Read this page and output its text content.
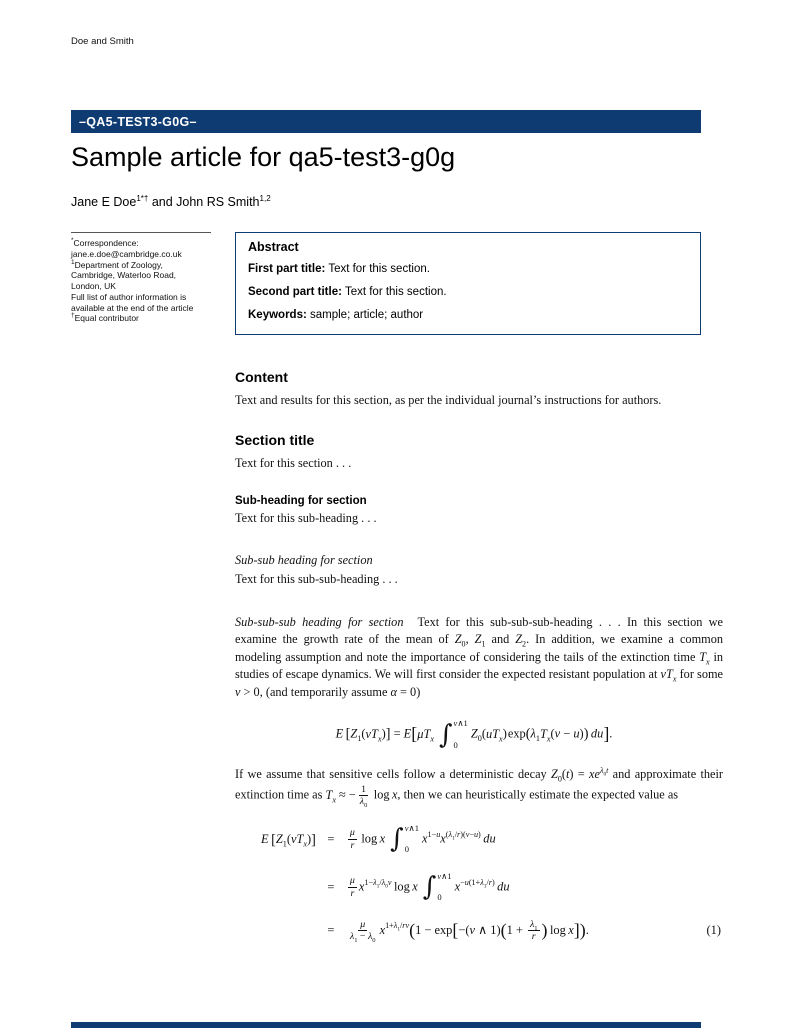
Doe and Smith
–QA5-TEST3-G0G–
Sample article for qa5-test3-g0g
Jane E Doe$^{1*\dagger}$ and John RS Smith$^{1,2}$

*Correspondence:
jane.e.doe@cambridge.co.uk

$^1$Department of Zoology,
Cambridge, Waterloo Road,
London, UK

Full list of author information is
available at the end of the article

†Equal contributor

Abstract

First part title: Text for this section.

Second part title: Text for this section.

Keywords: sample; article; author

Content

Text and results for this section, as per the individual journal’s instructions for authors.

Section title

Text for this section . . .

Sub-heading for section

Text for this sub-heading . . .

Sub-sub heading for section

Text for this sub-sub-heading . . .

Sub-sub-sub heading for section Text for this sub-sub-sub-heading . . . In this section we examine the growth rate of the mean of $Z_0$, $Z_1$ and $Z_2$. In addition, we examine a common modeling assumption and note the importance of considering the tails of the extinction time $T_x$ in studies of escape dynamics. We will first consider the expected resistant population at $vT_x$ for some v > 0, (and temporarily assume α = 0)

E  $[Z_1(vT_x)] = E[\mu T_x$ ∫ v∧1
0
$Z_0(uT_x)$ $\exp(\lambda_1T_x(v - u))$  du].

If we assume that sensitive cells follow a deterministic decay $Z_0(t) = xe^{\lambda_0t}$ and approximate their extinction time as $T_x$ ≈ − $\frac{1}{\lambda_0}$  log x, then we can heuristically estimate the expected value as

E  $[Z_1(vT_x)]$ =	$\frac{\mu}{r}$  log x ∫ v∧1
0
$x^{1-u}x^{(\lambda_1/r)(v-u)}$  du
=	$\frac{\mu}{r} x^{1-\lambda_1/\lambda_0v}$ log x ∫ v∧1
0
$x^{-u(1+\lambda_1/r)}$  du
=	$\frac{\mu}{\lambda_1 - \lambda_0} x^{1+\lambda_1/rv}(1 - \exp[-(v$ ∧ $1)(1 + \frac{\lambda_1}{r}$ ) log x]).	(1)
